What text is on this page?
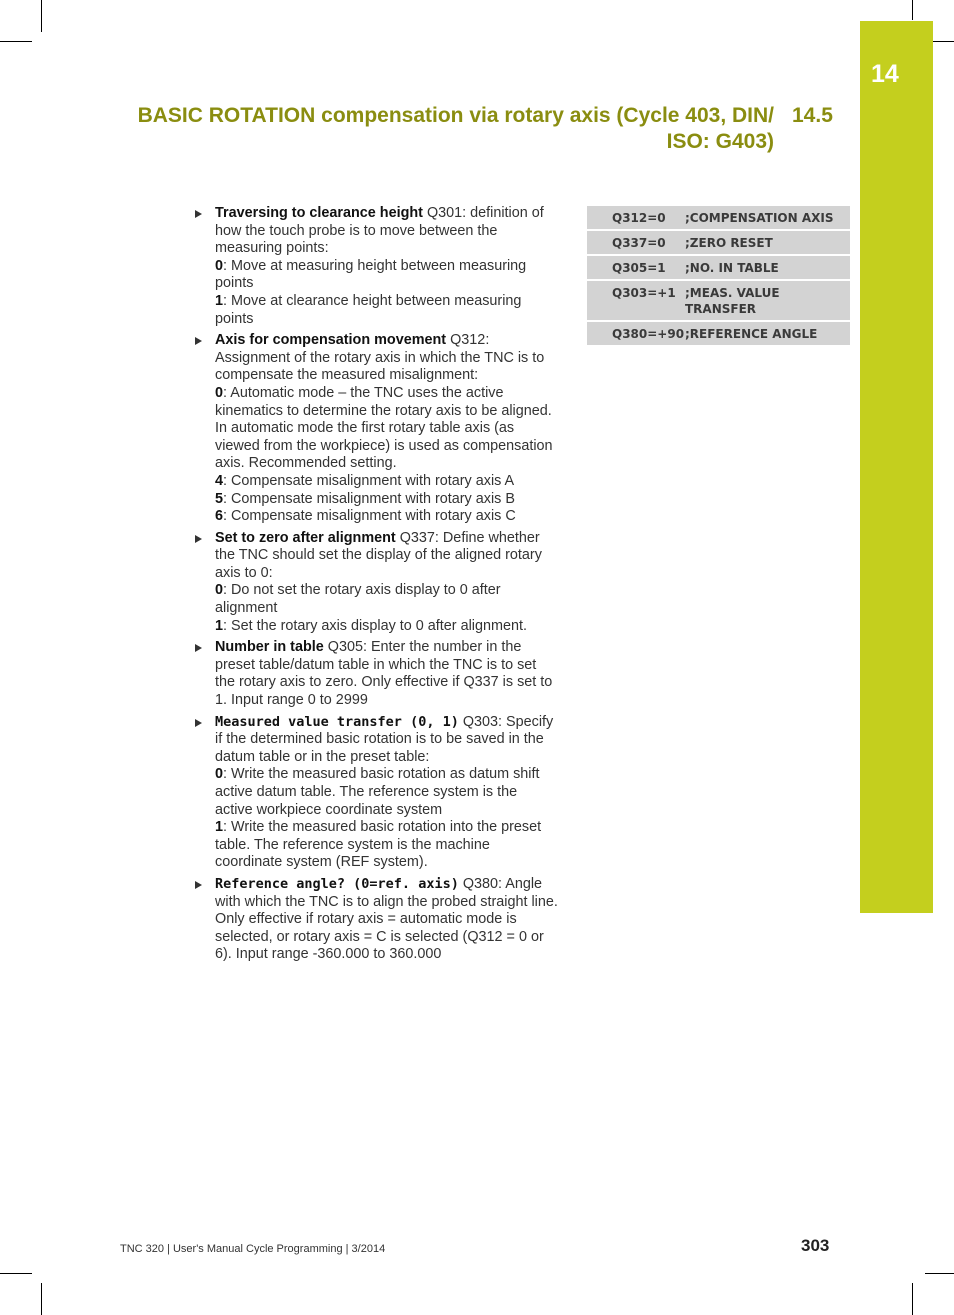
14
BASIC ROTATION compensation via rotary axis (Cycle 403, DIN/
ISO: G403)
14.5
Traversing to clearance height Q301: definition of how the touch probe is to move between the measuring points:
0: Move at measuring height between measuring points
1: Move at clearance height between measuring points
Axis for compensation movement Q312: Assignment of the rotary axis in which the TNC is to compensate the measured misalignment:
0: Automatic mode – the TNC uses the active kinematics to determine the rotary axis to be aligned. In automatic mode the first rotary table axis (as viewed from the workpiece) is used as compensation axis. Recommended setting.
4: Compensate misalignment with rotary axis A
5: Compensate misalignment with rotary axis B
6: Compensate misalignment with rotary axis C
Set to zero after alignment Q337: Define whether the TNC should set the display of the aligned rotary axis to 0:
0: Do not set the rotary axis display to 0 after alignment
1: Set the rotary axis display to 0 after alignment.
Number in table Q305: Enter the number in the preset table/datum table in which the TNC is to set the rotary axis to zero. Only effective if Q337 is set to 1. Input range 0 to 2999
Measured value transfer (0, 1) Q303: Specify if the determined basic rotation is to be saved in the datum table or in the preset table:
0: Write the measured basic rotation as datum shift active datum table. The reference system is the active workpiece coordinate system
1: Write the measured basic rotation into the preset table. The reference system is the machine coordinate system (REF system).
Reference angle? (0=ref. axis) Q380: Angle with which the TNC is to align the probed straight line. Only effective if rotary axis = automatic mode is selected, or rotary axis = C is selected (Q312 = 0 or 6). Input range -360.000 to 360.000
Q312=0	;COMPENSATION AXIS
Q337=0	;ZERO RESET
Q305=1	;NO. IN TABLE
Q303=+1	;MEAS. VALUE TRANSFER
Q380=+90	;REFERENCE ANGLE
TNC 320 | User's Manual Cycle Programming | 3/2014	303
